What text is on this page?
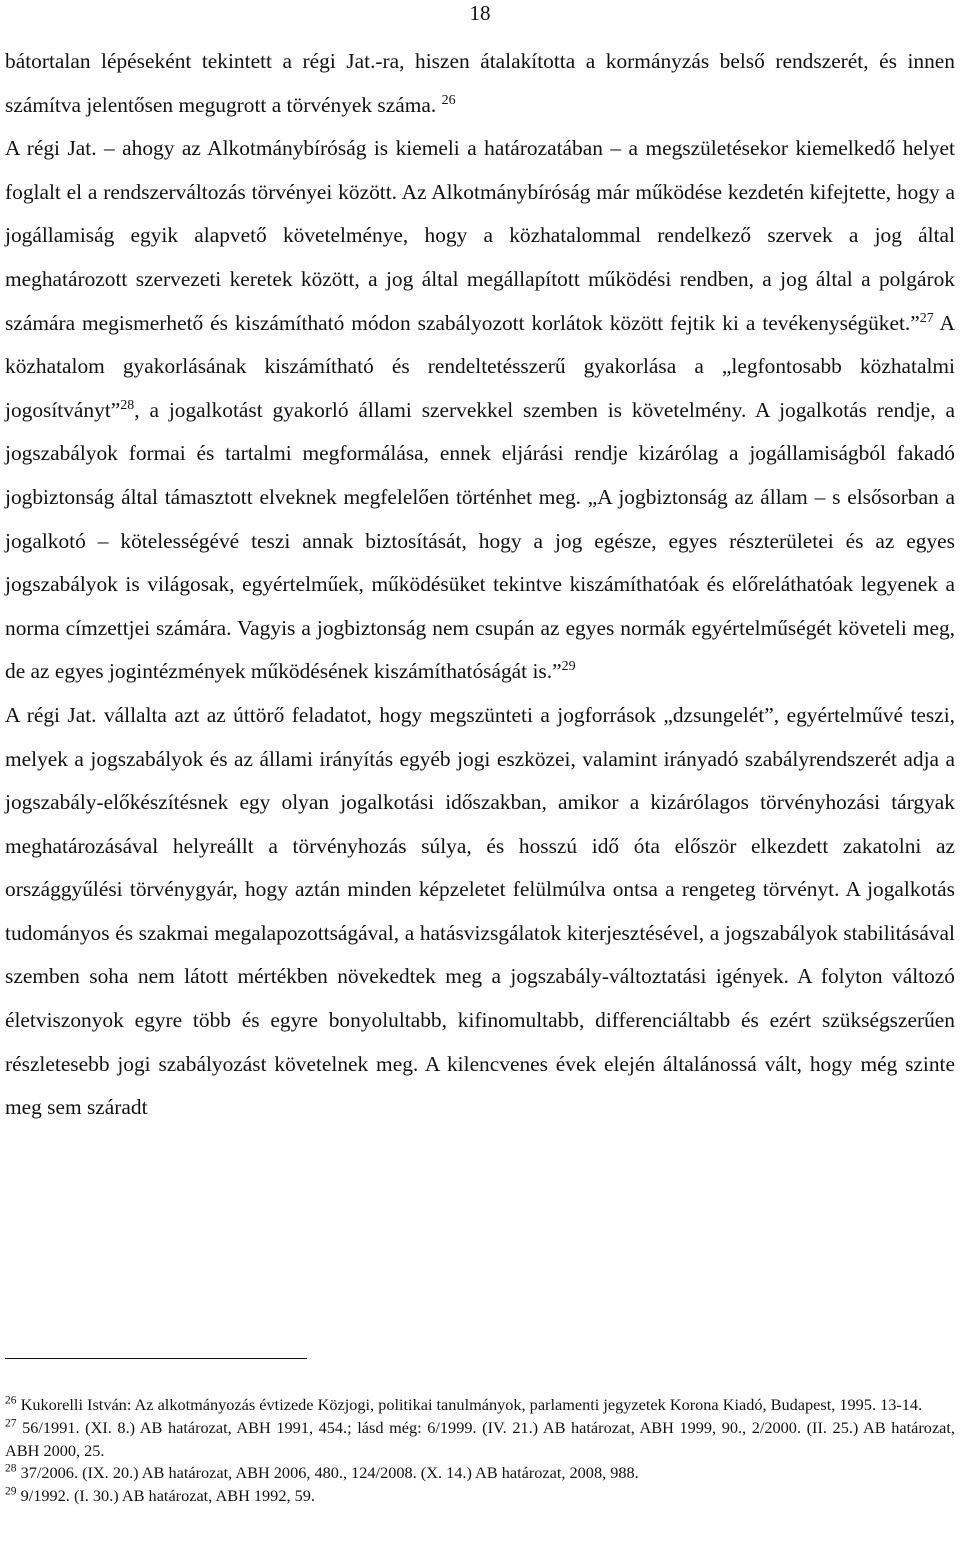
18

bátortalan lépéseként tekintett a régi Jat.-ra, hiszen átalakította a kormányzás belső rendszerét, és innen számítva jelentősen megugrott a törvények száma. $^{26}$

A régi Jat. – ahogy az Alkotmánybíróság is kiemeli a határozatában – a megszületésekor kiemelkedő helyet foglalt el a rendszerváltozás törvényei között. Az Alkotmánybíróság már működése kezdetén kifejtette, hogy a jogállamiság egyik alapvető követelménye, hogy a közhatalommal rendelkező szervek a jog által meghatározott szervezeti keretek között, a jog által megállapított működési rendben, a jog által a polgárok számára megismerhető és kiszámítható módon szabályozott korlátok között fejtik ki a tevékenységüket.”$^{27}$ A közhatalom gyakorlásának kiszámítható és rendeltetésszerű gyakorlása a „legfontosabb közhatalmi jogosítványt”$^{28}$, a jogalkotást gyakorló állami szervekkel szemben is követelmény. A jogalkotás rendje, a jogszabályok formai és tartalmi megformálása, ennek eljárási rendje kizárólag a jogállamiságból fakadó jogbiztonság által támasztott elveknek megfelelően történhet meg. „A jogbiztonság az állam – s elsősorban a jogalkotó – kötelességévé teszi annak biztosítását, hogy a jog egésze, egyes részterületei és az egyes jogszabályok is világosak, egyértelműek, működésüket tekintve kiszámíthatóak és előreláthatóak legyenek a norma címzettjei számára. Vagyis a jogbiztonság nem csupán az egyes normák egyértelműségét követeli meg, de az egyes jogintézmények működésének kiszámíthatóságát is.”$^{29}$

A régi Jat. vállalta azt az úttörő feladatot, hogy megszünteti a jogforrások „dzsungelét”, egyértelművé teszi, melyek a jogszabályok és az állami irányítás egyéb jogi eszközei, valamint irányadó szabályrendszerét adja a jogszabály-előkészítésnek egy olyan jogalkotási időszakban, amikor a kizárólagos törvényhozási tárgyak meghatározásával helyreállt a törvényhozás súlya, és hosszú idő óta először elkezdett zakatolni az országgyűlési törvénygyár, hogy aztán minden képzeletet felülmúlva ontsa a rengeteg törvényt. A jogalkotás tudományos és szakmai megalapozottságával, a hatásvizsgálatok kiterjesztésével, a jogszabályok stabilitásával szemben soha nem látott mértékben növekedtek meg a jogszabály-változtatási igények. A folyton változó életviszonyok egyre több és egyre bonyolultabb, kifinomultabb, differenciáltabb és ezért szükségszerűen részletesebb jogi szabályozást követelnek meg. A kilencvenes évek elején általánossá vált, hogy még szinte meg sem száradt

$^{26}$ Kukorelli István: Az alkotmányozás évtizede Közjogi, politikai tanulmányok, parlamenti jegyzetek Korona Kiadó, Budapest, 1995. 13-14.

$^{27}$ 56/1991. (XI. 8.) AB határozat, ABH 1991, 454.; lásd még: 6/1999. (IV. 21.) AB határozat, ABH 1999, 90., 2/2000. (II. 25.) AB határozat, ABH 2000, 25.

$^{28}$ 37/2006. (IX. 20.) AB határozat, ABH 2006, 480., 124/2008. (X. 14.) AB határozat, 2008, 988.

$^{29}$ 9/1992. (I. 30.) AB határozat, ABH 1992, 59.
